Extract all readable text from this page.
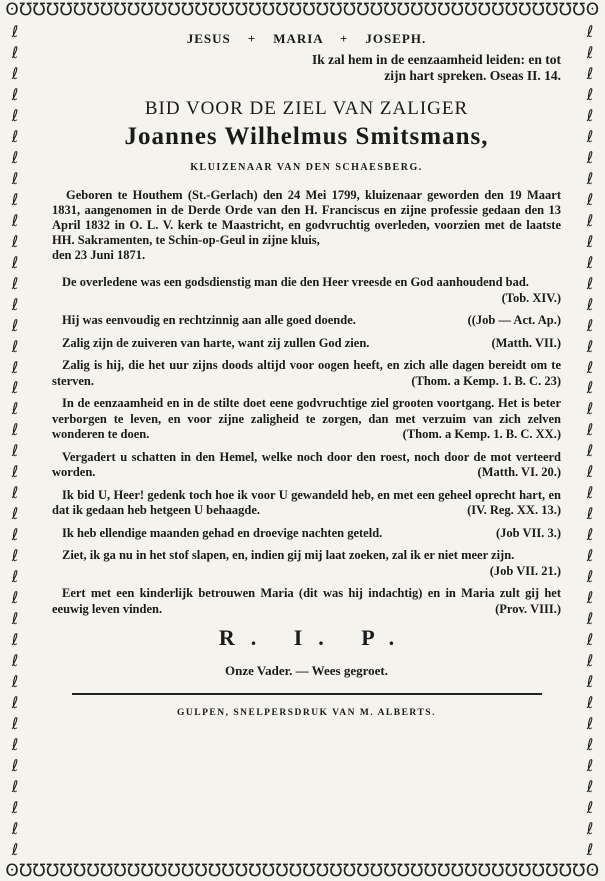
ʘ℧℧℧℧℧℧℧℧℧℧℧℧℧℧℧℧℧℧℧℧℧℧℧℧℧℧℧℧℧℧℧℧℧℧℧℧℧℧℧℧℧℧ʘ
ʘ℧℧℧℧℧℧℧℧℧℧℧℧℧℧℧℧℧℧℧℧℧℧℧℧℧℧℧℧℧℧℧℧℧℧℧℧℧℧℧℧℧℧ʘ
ℓ
ℓ
ℓ
ℓ
ℓ
ℓ
ℓ
ℓ
ℓ
ℓ
ℓ
ℓ
ℓ
ℓ
ℓ
ℓ
ℓ
ℓ
ℓ
ℓ
ℓ
ℓ
ℓ
ℓ
ℓ
ℓ
ℓ
ℓ
ℓ
ℓ
ℓ
ℓ
ℓ
ℓ
ℓ
ℓ
ℓ
ℓ
ℓ
ℓ
ℓ
ℓ
ℓ
ℓ
ℓ
ℓ
ℓ
ℓ
ℓ
ℓ
ℓ
ℓ
ℓ
ℓ
ℓ
ℓ
ℓ
ℓ
ℓ
ℓ
ℓ
ℓ
ℓ
ℓ
ℓ
ℓ
ℓ
ℓ
ℓ
ℓ
ℓ
ℓ
ℓ
ℓ
ℓ
ℓ
ℓ
ℓ
ℓ
ℓ
JESUS + MARIA + JOSEPH.
Ik zal hem in de eenzaamheid leiden: en tot
zijn hart spreken. Oseas II. 14.
BID VOOR DE ZIEL VAN ZALIGER
Joannes Wilhelmus Smitsmans,
KLUIZENAAR VAN DEN SCHAESBERG.
Geboren te Houthem (St.-Gerlach) den 24 Mei 1799, kluizenaar geworden den 19 Maart 1831, aangenomen in de Derde Orde van den H. Franciscus en zijne professie gedaan den 13 April 1832 in O. L. V. kerk te Maastricht, en godvruchtig overleden, voorzien met de laatste HH. Sakramenten, te Schin-op-Geul in zijne kluis,
den 23 Juni 1871.
De overledene was een godsdienstig man die den Heer vreesde en God aanhoudend bad.
(Tob. XIV.)
Hij was eenvoudig en rechtzinnig aan alle goed doende.	((Job — Act. Ap.)
Zalig zijn de zuiveren van harte, want zij zullen God zien.	(Matth. VII.)
Zalig is hij, die het uur zijns doods altijd voor oogen heeft, en zich alle dagen bereidt om te sterven.	(Thom. a Kemp. 1. B. C. 23)
In de eenzaamheid en in de stilte doet eene godvruchtige ziel grooten voortgang. Het is beter verborgen te leven, en voor zijne zaligheid te zorgen, dan met verzuim van zich zelven wonderen te doen.	(Thom. a Kemp. 1. B. C. XX.)
Vergadert u schatten in den Hemel, welke noch door den roest, noch door de mot verteerd worden.	(Matth. VI. 20.)
Ik bid U, Heer! gedenk toch hoe ik voor U gewandeld heb, en met een geheel oprecht hart, en dat ik gedaan heb hetgeen U behaagde.	(IV. Reg. XX. 13.)
Ik heb ellendige maanden gehad en droevige nachten geteld.	(Job VII. 3.)
Ziet, ik ga nu in het stof slapen, en, indien gij mij laat zoeken, zal ik er niet meer zijn.
(Job VII. 21.)
Eert met een kinderlijk betrouwen Maria (dit was hij indachtig) en in Maria zult gij het eeuwig leven vinden.	(Prov. VIII.)
R. I. P.
Onze Vader. — Wees gegroet.
GULPEN, SNELPERSDRUK VAN M. ALBERTS.
